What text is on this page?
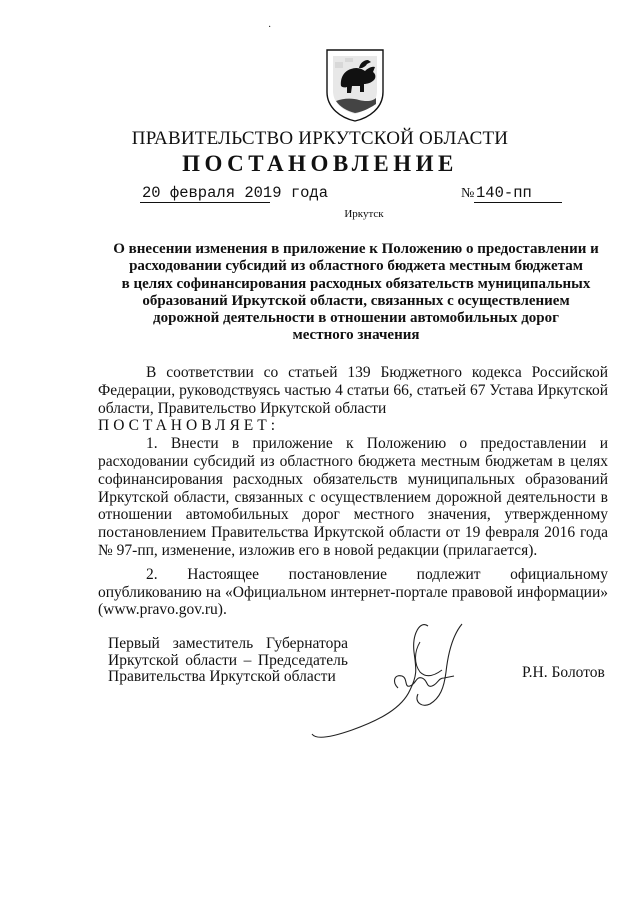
·
ПРАВИТЕЛЬСТВО ИРКУТСКОЙ ОБЛАСТИ
ПОСТАНОВЛЕНИЕ
20 февраля 2019 года	№ 140-пп
Иркутск
О внесении изменения в приложение к Положению о предоставлении и
расходовании субсидий из областного бюджета местным бюджетам
в целях софинансирования расходных обязательств муниципальных
образований Иркутской области, связанных с осуществлением
дорожной деятельности в отношении автомобильных дорог
местного значения

В соответствии со статьей 139 Бюджетного кодекса Российской Федерации, руководствуясь частью 4 статьи 66, статьей 67 Устава Иркутской области, Правительство Иркутской области

ПОСТАНОВЛЯЕТ:

1. Внести в приложение к Положению о предоставлении и расходовании субсидий из областного бюджета местным бюджетам в целях софинансирования расходных обязательств муниципальных образований Иркутской области, связанных с осуществлением дорожной деятельности в отношении автомобильных дорог местного значения, утвержденному постановлением Правительства Иркутской области от 19 февраля 2016 года № 97-пп, изменение, изложив его в новой редакции (прилагается).

2. Настоящее постановление подлежит официальному опубликованию на «Официальном интернет-портале правовой информации» (www.pravo.gov.ru).

Первый заместитель Губернатора
Иркутской области – Председатель
Правительства Иркутской области	Р.Н. Болотов
